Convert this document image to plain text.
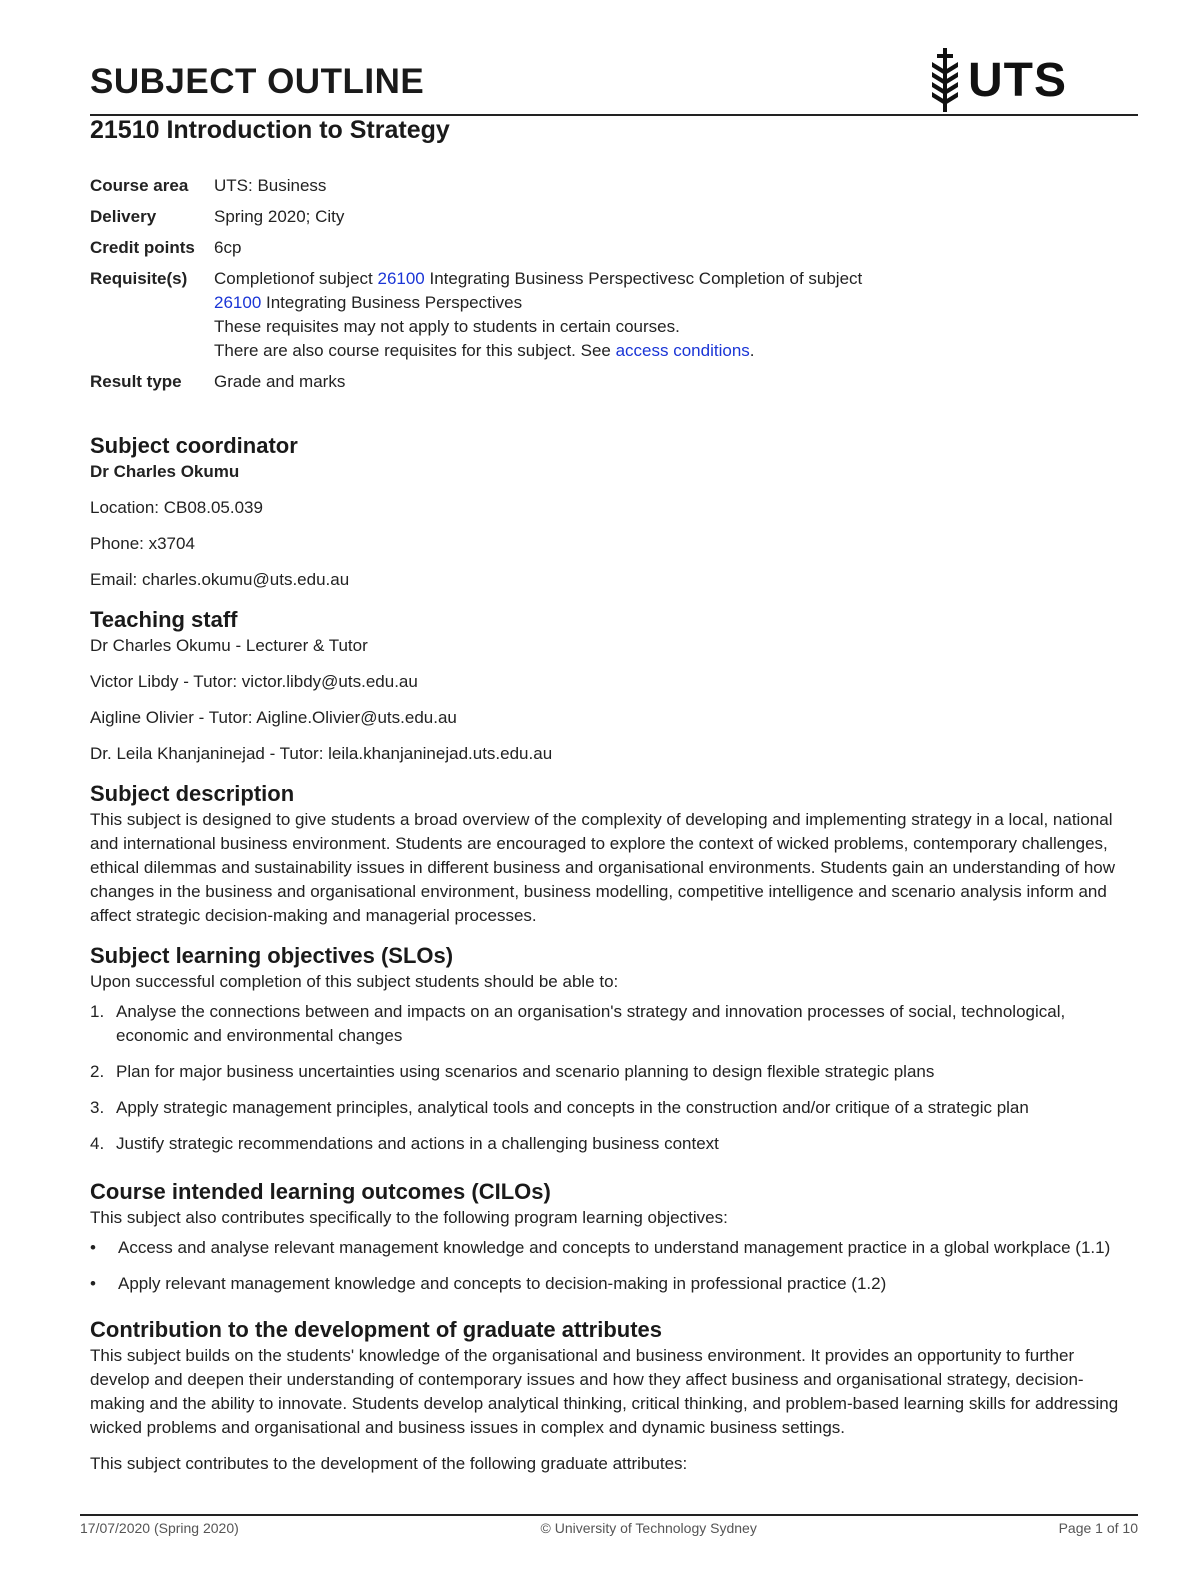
SUBJECT OUTLINE	UTS
21510 Introduction to Strategy
Course area	UTS: Business
Delivery	Spring 2020; City
Credit points	6cp
Requisite(s)	Completionof subject 26100 Integrating Business Perspectivesc Completion of subject
26100 Integrating Business Perspectives
These requisites may not apply to students in certain courses.
There are also course requisites for this subject. See access conditions.
Result type	Grade and marks
Subject coordinator

Dr Charles Okumu

Location: CB08.05.039

Phone: x3704

Email: charles.okumu@uts.edu.au

Teaching staff

Dr Charles Okumu - Lecturer & Tutor

Victor Libdy - Tutor: victor.libdy@uts.edu.au

Aigline Olivier - Tutor: Aigline.Olivier@uts.edu.au

Dr. Leila Khanjaninejad - Tutor: leila.khanjaninejad.uts.edu.au

Subject description

This subject is designed to give students a broad overview of the complexity of developing and implementing strategy in a local, national and international business environment. Students are encouraged to explore the context of wicked problems, contemporary challenges, ethical dilemmas and sustainability issues in different business and organisational environments. Students gain an understanding of how changes in the business and organisational environment, business modelling, competitive intelligence and scenario analysis inform and affect strategic decision-making and managerial processes.

Subject learning objectives (SLOs)

Upon successful completion of this subject students should be able to:

1. Analyse the connections between and impacts on an organisation's strategy and innovation processes of social, technological, economic and environmental changes
2. Plan for major business uncertainties using scenarios and scenario planning to design flexible strategic plans
3. Apply strategic management principles, analytical tools and concepts in the construction and/or critique of a strategic plan
4. Justify strategic recommendations and actions in a challenging business context
Course intended learning outcomes (CILOs)

This subject also contributes specifically to the following program learning objectives:

•	Access and analyse relevant management knowledge and concepts to understand management practice in a global workplace (1.1)
•	Apply relevant management knowledge and concepts to decision-making in professional practice (1.2)
Contribution to the development of graduate attributes

This subject builds on the students' knowledge of the organisational and business environment. It provides an opportunity to further develop and deepen their understanding of contemporary issues and how they affect business and organisational strategy, decision-making and the ability to innovate. Students develop analytical thinking, critical thinking, and problem-based learning skills for addressing wicked problems and organisational and business issues in complex and dynamic business settings.

This subject contributes to the development of the following graduate attributes:

17/07/2020 (Spring 2020)	© University of Technology Sydney	Page 1 of 10
